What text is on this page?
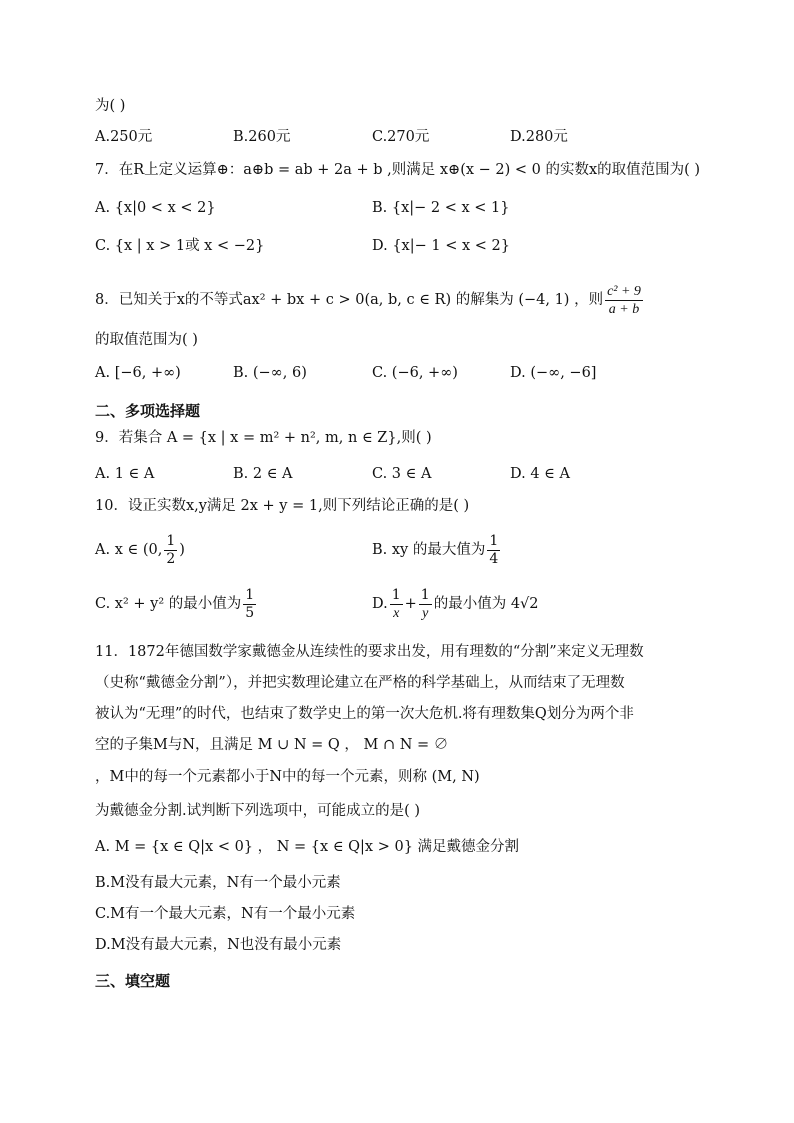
为( )
A.250元	B.260元	C.270元	D.280元
7．在R上定义运算⊕：a⊕b = ab + 2a + b ,则满足 x⊕(x − 2) < 0 的实数x的取值范围为( )
A. {x|0 < x < 2}	B. {x|− 2 < x < 1}
C. {x | x > 1或 x < −2}	D. {x|− 1 < x < 2}
8．已知关于x的不等式ax² + bx + c > 0(a, b, c ∈ R) 的解集为 (−4, 1) ，则 $\frac{\text{c² + 9}}{a + b}$
的取值范围为( )
A. [−6, +∞)	B. (−∞, 6)	C. (−6, +∞)	D. (−∞, −6]
二、多项选择题
9．若集合 A = {x | x = m² + n², m, n ∈ Z},则( )
A. 1 ∈ A	B. 2 ∈ A	C. 3 ∈ A	D. 4 ∈ A
10．设正实数x,y满足 2x + y = 1,则下列结论正确的是( )
A. x ∈ (0, $\frac{1}{2}$ )	B. xy 的最大值为 $\frac{1}{4}$
C. x² + y² 的最小值为 $\frac{1}{5}$	D. $\frac{1}{x} + \frac{1}{y}$ 的最小值为 4√2
11．1872年德国数学家戴德金从连续性的要求出发，用有理数的“分割”来定义无理数
（史称“戴德金分割”），并把实数理论建立在严格的科学基础上，从而结束了无理数
被认为“无理”的时代，也结束了数学史上的第一次大危机.将有理数集Q划分为两个非
空的子集M与N，且满足 M ∪ N = Q ， M ∩ N = ∅
，M中的每一个元素都小于N中的每一个元素，则称 (M, N)
为戴德金分割.试判断下列选项中，可能成立的是( )
A. M = {x ∈ Q|x < 0} ， N = {x ∈ Q|x > 0} 满足戴德金分割
B.M没有最大元素，N有一个最小元素
C.M有一个最大元素，N有一个最小元素
D.M没有最大元素，N也没有最小元素
三、填空题
